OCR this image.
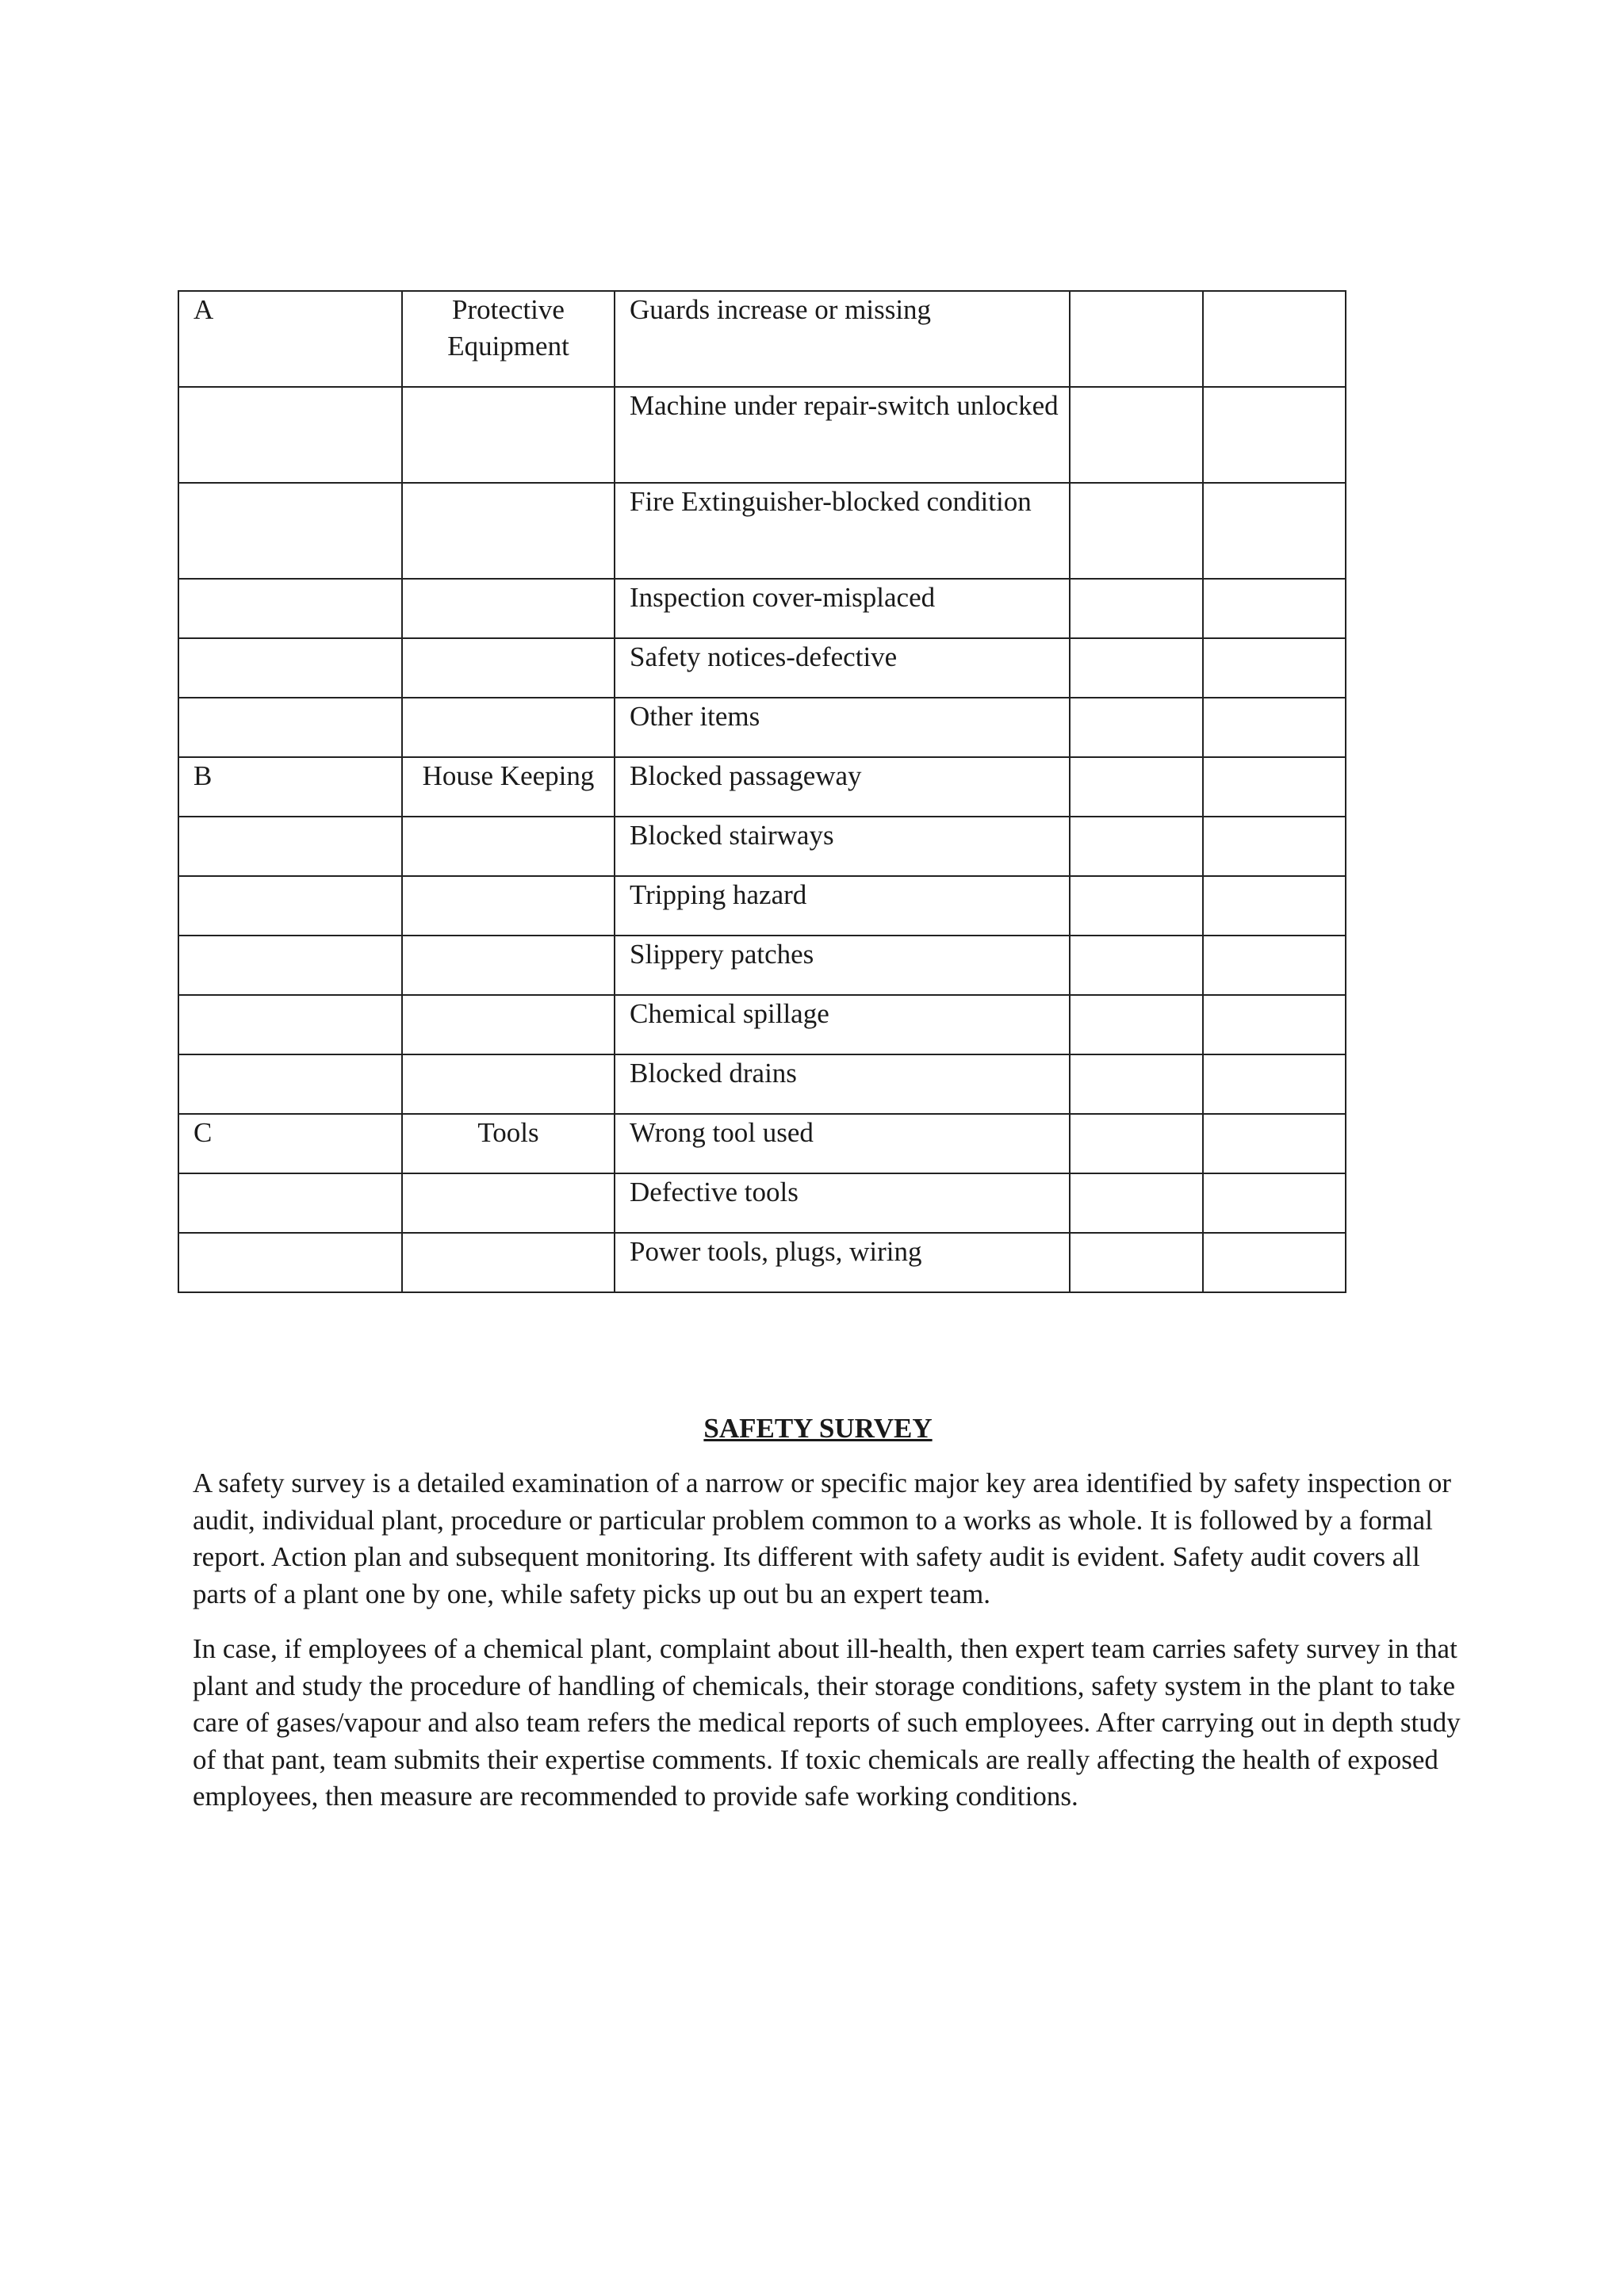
A	Protective Equipment	Guards increase or missing		
		Machine under repair-switch unlocked		
		Fire Extinguisher-blocked condition		
		Inspection cover-misplaced		
		Safety notices-defective		
		Other items		
B	House Keeping	Blocked passageway		
		Blocked stairways		
		Tripping hazard		
		Slippery patches		
		Chemical spillage		
		Blocked drains		
C	Tools	Wrong tool used		
		Defective tools		
		Power tools, plugs, wiring		
SAFETY SURVEY

A safety survey is a detailed examination of a narrow or specific major key area identified by safety inspection or audit, individual plant, procedure or particular problem common to a works as whole. It is followed by a formal report. Action plan and subsequent monitoring. Its different with safety audit is evident. Safety audit covers all parts of a plant one by one, while safety picks up out bu an expert team.

In case, if employees of a chemical plant, complaint about ill-health, then expert team carries safety survey in that plant and study the procedure of handling of chemicals, their storage conditions, safety system in the plant to take care of gases/vapour and also team refers the medical reports of such employees. After carrying out in depth study of that pant, team submits their expertise comments. If toxic chemicals are really affecting the health of exposed employees, then measure are recommended to provide safe working conditions.
